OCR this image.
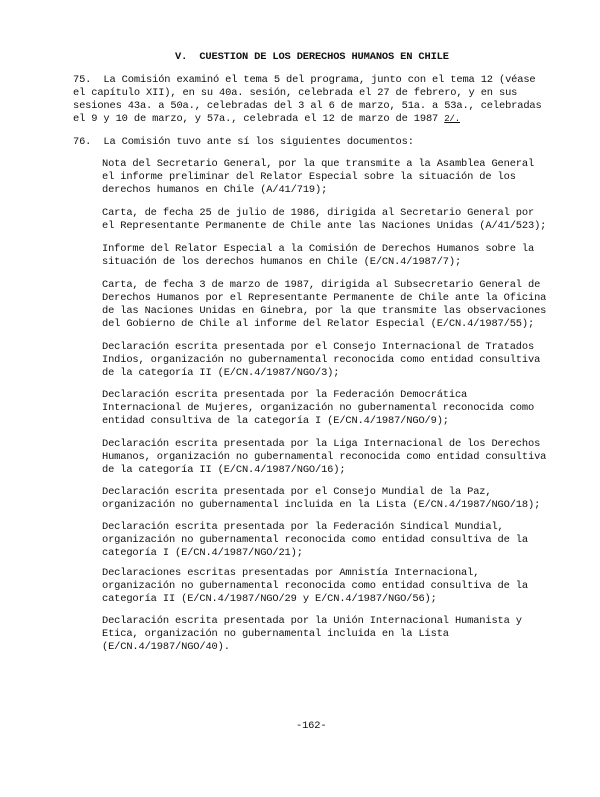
V.  CUESTION DE LOS DERECHOS HUMANOS EN CHILE

75.  La Comisión examinó el tema 5 del programa, junto con el tema 12 (véase

el capítulo XII), en su 40a. sesión, celebrada el 27 de febrero, y en sus

sesiones 43a. a 50a., celebradas del 3 al 6 de marzo, 51a. a 53a., celebradas

el 9 y 10 de marzo, y 57a., celebrada el 12 de marzo de 1987 2/.

76.  La Comisión tuvo ante sí los siguientes documentos:

Nota del Secretario General, por la que transmite a la Asamblea General

el informe preliminar del Relator Especial sobre la situación de los

derechos humanos en Chile (A/41/719);

Carta, de fecha 25 de julio de 1986, dirigida al Secretario General por

el Representante Permanente de Chile ante las Naciones Unidas (A/41/523);

Informe del Relator Especial a la Comisión de Derechos Humanos sobre la

situación de los derechos humanos en Chile (E/CN.4/1987/7);

Carta, de fecha 3 de marzo de 1987, dirigida al Subsecretario General de

Derechos Humanos por el Representante Permanente de Chile ante la Oficina

de las Naciones Unidas en Ginebra, por la que transmite las observaciones

del Gobierno de Chile al informe del Relator Especial (E/CN.4/1987/55);

Declaración escrita presentada por el Consejo Internacional de Tratados

Indios, organización no gubernamental reconocida como entidad consultiva

de la categoría II (E/CN.4/1987/NGO/3);

Declaración escrita presentada por la Federación Democrática

Internacional de Mujeres, organización no gubernamental reconocida como

entidad consultiva de la categoría I (E/CN.4/1987/NGO/9);

Declaración escrita presentada por la Liga Internacional de los Derechos

Humanos, organización no gubernamental reconocida como entidad consultiva

de la categoría II (E/CN.4/1987/NGO/16);

Declaración escrita presentada por el Consejo Mundial de la Paz,

organización no gubernamental incluida en la Lista (E/CN.4/1987/NGO/18);

Declaración escrita presentada por la Federación Sindical Mundial,

organización no gubernamental reconocida como entidad consultiva de la

categoría I (E/CN.4/1987/NGO/21);

Declaraciones escritas presentadas por Amnistía Internacional,

organización no gubernamental reconocida como entidad consultiva de la

categoría II (E/CN.4/1987/NGO/29 y E/CN.4/1987/NGO/56);

Declaración escrita presentada por la Unión Internacional Humanista y

Etica, organización no gubernamental incluida en la Lista

(E/CN.4/1987/NGO/40).

-162-
